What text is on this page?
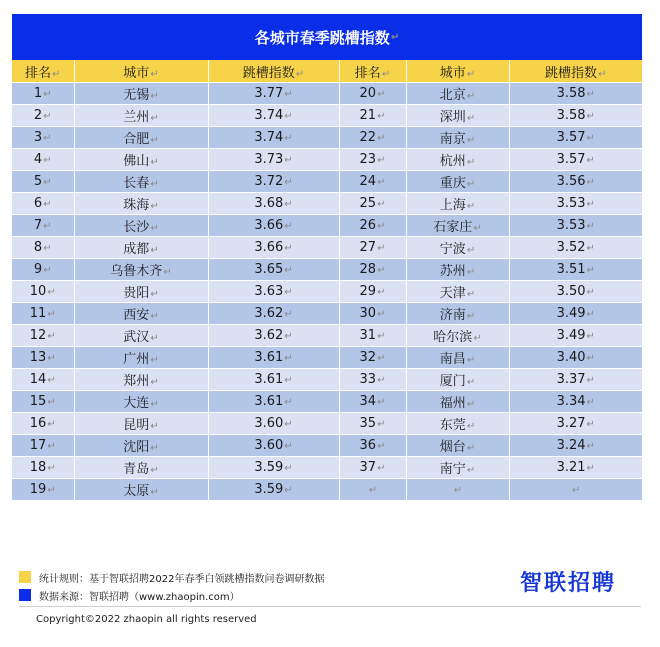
各城市春季跳槽指数 ↵
排名↵	城市↵	跳槽指数↵	排名↵	城市↵	跳槽指数↵
1↵	无锡↵	3.77↵	20↵	北京↵	3.58↵
2↵	兰州↵	3.74↵	21↵	深圳↵	3.58↵
3↵	合肥↵	3.74↵	22↵	南京↵	3.57↵
4↵	佛山↵	3.73↵	23↵	杭州↵	3.57↵
5↵	长春↵	3.72↵	24↵	重庆↵	3.56↵
6↵	珠海↵	3.68↵	25↵	上海↵	3.53↵
7↵	长沙↵	3.66↵	26↵	石家庄↵	3.53↵
8↵	成都↵	3.66↵	27↵	宁波↵	3.52↵
9↵	乌鲁木齐↵	3.65↵	28↵	苏州↵	3.51↵
10↵	贵阳↵	3.63↵	29↵	天津↵	3.50↵
11↵	西安↵	3.62↵	30↵	济南↵	3.49↵
12↵	武汉↵	3.62↵	31↵	哈尔滨↵	3.49↵
13↵	广州↵	3.61↵	32↵	南昌↵	3.40↵
14↵	郑州↵	3.61↵	33↵	厦门↵	3.37↵
15↵	大连↵	3.61↵	34↵	福州↵	3.34↵
16↵	昆明↵	3.60↵	35↵	东莞↵	3.27↵
17↵	沈阳↵	3.60↵	36↵	烟台↵	3.24↵
18↵	青岛↵	3.59↵	37↵	南宁↵	3.21↵
19↵	太原↵	3.59↵	↵	↵	↵
统计规则：基于智联招聘2022年春季白领跳槽指数问卷调研数据
数据来源：智联招聘（www.zhaopin.com）
智联招聘
Copyright©2022 zhaopin all rights reserved
